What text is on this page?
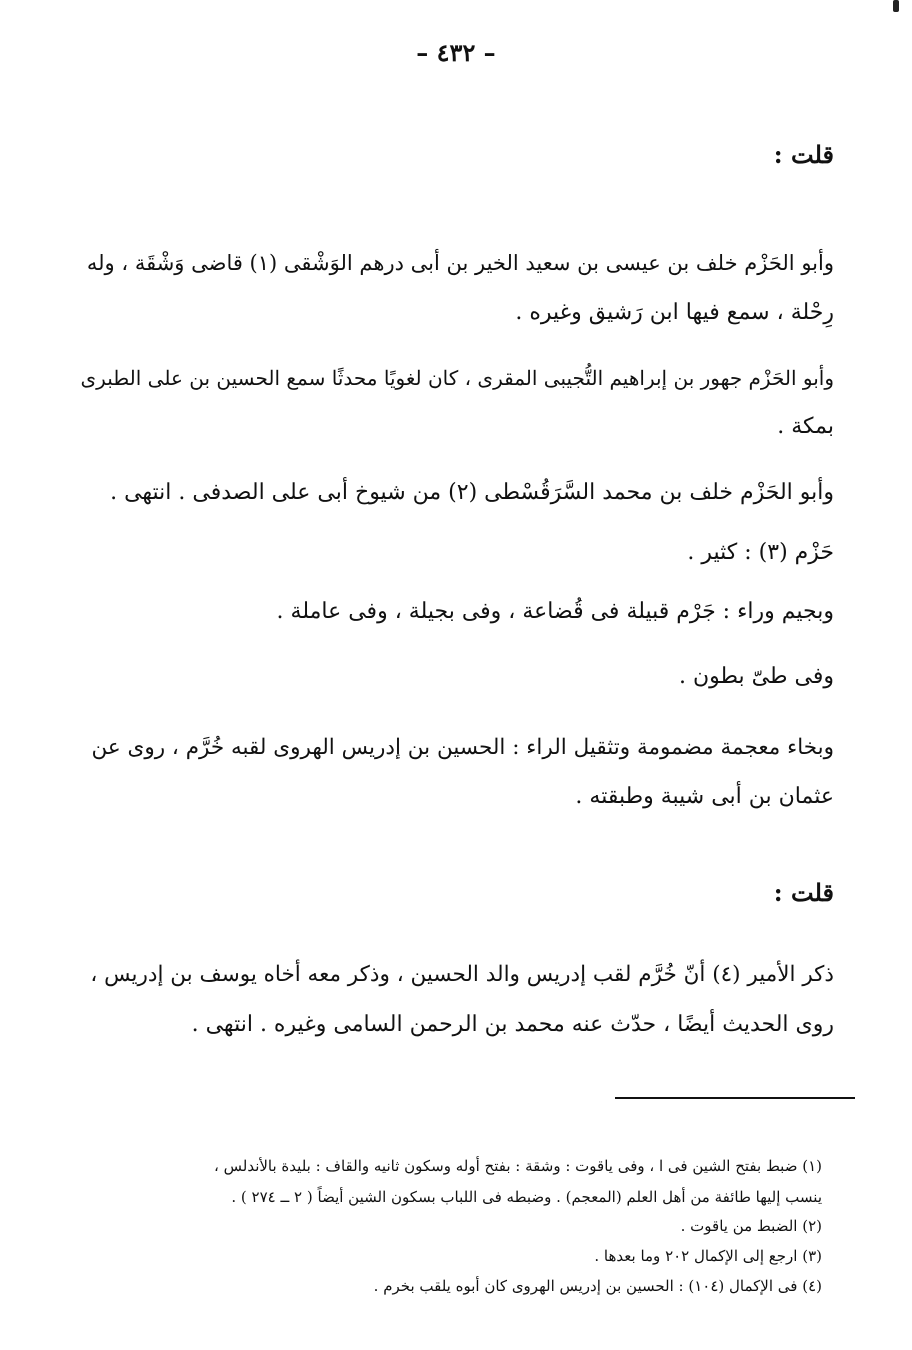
– ٤٣٢ –
قلت :
وأبو الحَزْم خلف بن عيسى بن سعيد الخير بن أبى درهم الوَشْقى (١) قاضى وَشْقَة ، وله
رِحْلة ، سمع فيها ابن رَشيق وغيره .
وأبو الحَزْم جهور بن إبراهيم التُّجيبى المقرى ، كان لغويًا محدثًا سمع الحسين بن على الطبرى
بمكة .
وأبو الحَزْم خلف بن محمد السَّرَقُسْطى (٢) من شيوخ أبى على الصدفى . انتهى .
حَزْم (٣) : كثير .
وبجيم وراء : جَرْم قبيلة فى قُضاعة ، وفى بجيلة ، وفى عاملة .
وفى طىّ بطون .
وبخاء معجمة مضمومة وتثقيل الراء : الحسين بن إدريس الهروى لقبه خُرَّم ، روى عن
عثمان بن أبى شيبة وطبقته .
قلت :
ذكر الأمير (٤) أنّ خُرَّم لقب إدريس والد الحسين ، وذكر معه أخاه يوسف بن إدريس ،
روى الحديث أيضًا ، حدّث عنه محمد بن الرحمن السامى وغيره . انتهى .
(١) ضبط بفتح الشين فى ا ، وفى ياقوت : وشقة : بفتح أوله وسكون ثانيه والقاف : بليدة بالأندلس ،
ينسب إليها طائفة من أهل العلم (المعجم) . وضبطه فى اللباب بسكون الشين أيضاً ( ٢ ــ ٢٧٤ ) .
(٢) الضبط من ياقوت .
(٣) ارجع إلى الإكمال ٢٠٢ وما بعدها .
(٤) فى الإكمال (١٠٤) : الحسين بن إدريس الهروى كان أبوه يلقب بخرم .
